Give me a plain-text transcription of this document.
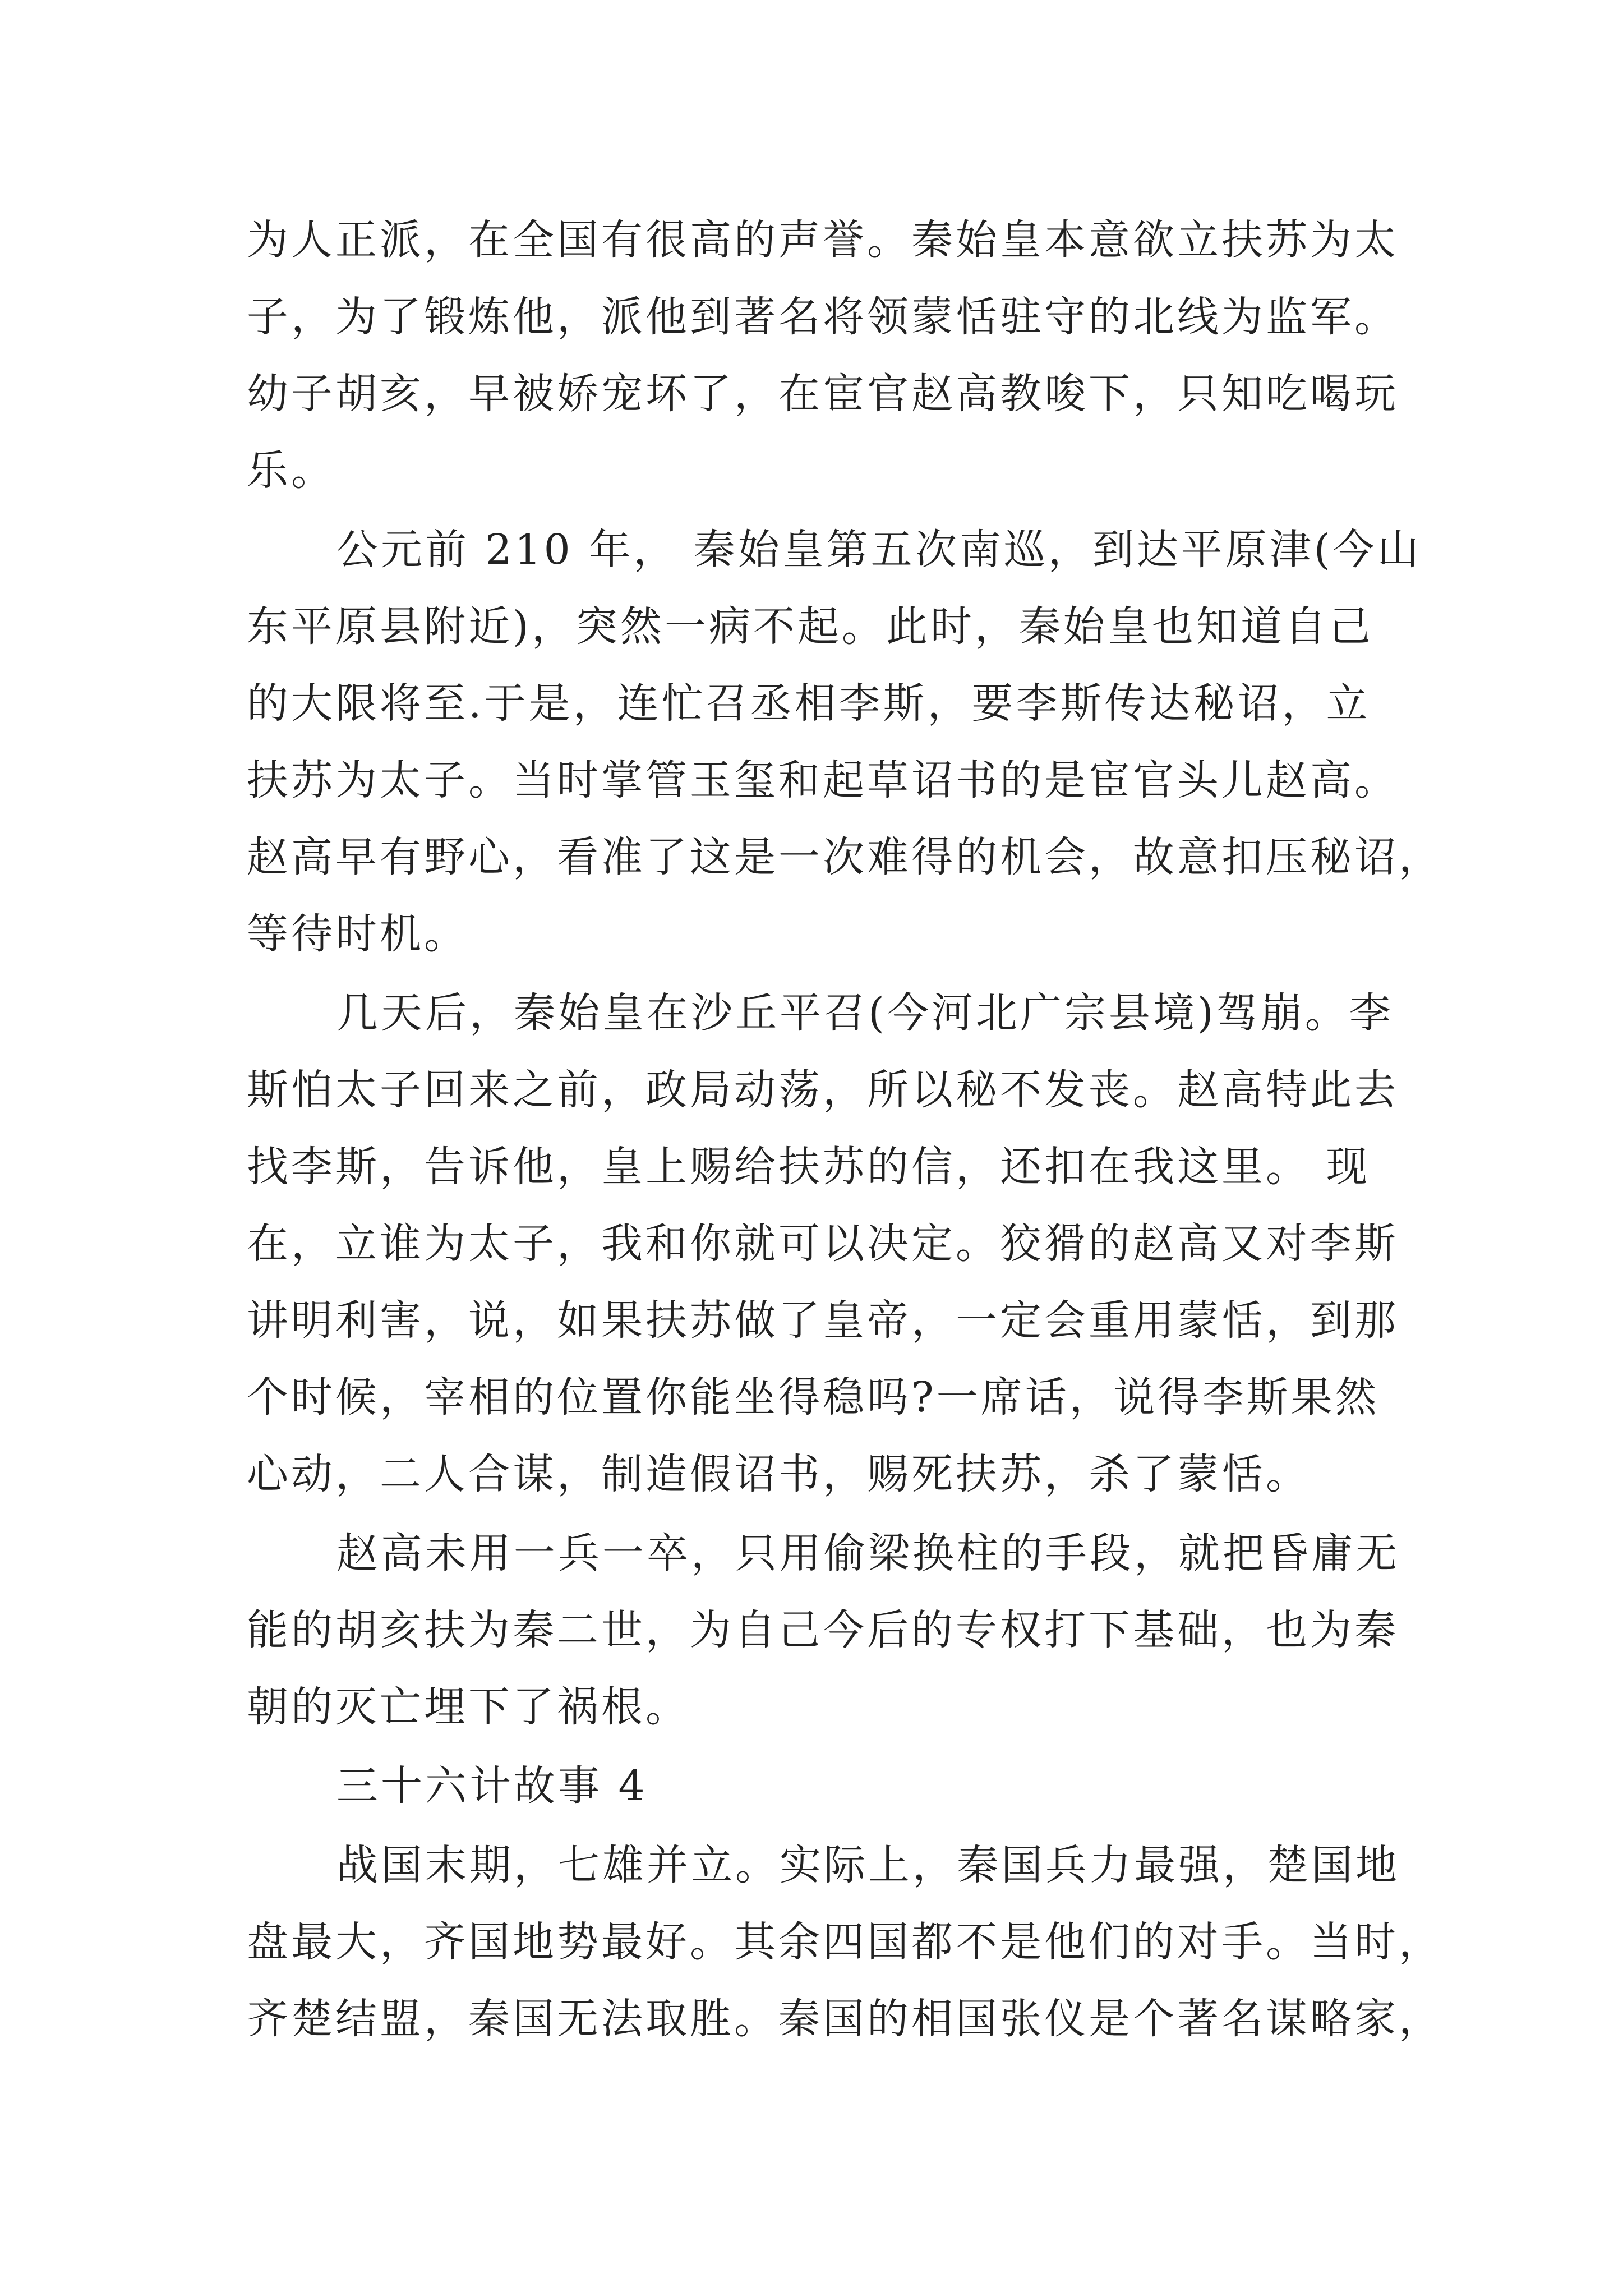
为人正派，在全国有很高的声誉。秦始皇本意欲立扶苏为太
子，为了锻炼他，派他到著名将领蒙恬驻守的北线为监军。
幼子胡亥，早被娇宠坏了，在宦官赵高教唆下，只知吃喝玩
乐。
公元前 210 年， 秦始皇第五次南巡，到达平原津(今山
东平原县附近)，突然一病不起。此时，秦始皇也知道自己
的大限将至.于是，连忙召丞相李斯，要李斯传达秘诏，立
扶苏为太子。当时掌管玉玺和起草诏书的是宦官头儿赵高。
赵高早有野心，看准了这是一次难得的机会，故意扣压秘诏，
等待时机。
几天后，秦始皇在沙丘平召(今河北广宗县境)驾崩。李
斯怕太子回来之前，政局动荡，所以秘不发丧。赵高特此去
找李斯，告诉他，皇上赐给扶苏的信，还扣在我这里。 现
在，立谁为太子，我和你就可以决定。狡猾的赵高又对李斯
讲明利害，说，如果扶苏做了皇帝，一定会重用蒙恬，到那
个时候，宰相的位置你能坐得稳吗?一席话，说得李斯果然
心动，二人合谋，制造假诏书，赐死扶苏，杀了蒙恬。
赵高未用一兵一卒，只用偷梁换柱的手段，就把昏庸无
能的胡亥扶为秦二世，为自己今后的专权打下基础，也为秦
朝的灭亡埋下了祸根。
三十六计故事 4
战国末期，七雄并立。实际上，秦国兵力最强，楚国地
盘最大，齐国地势最好。其余四国都不是他们的对手。当时，
齐楚结盟，秦国无法取胜。秦国的相国张仪是个著名谋略家，
